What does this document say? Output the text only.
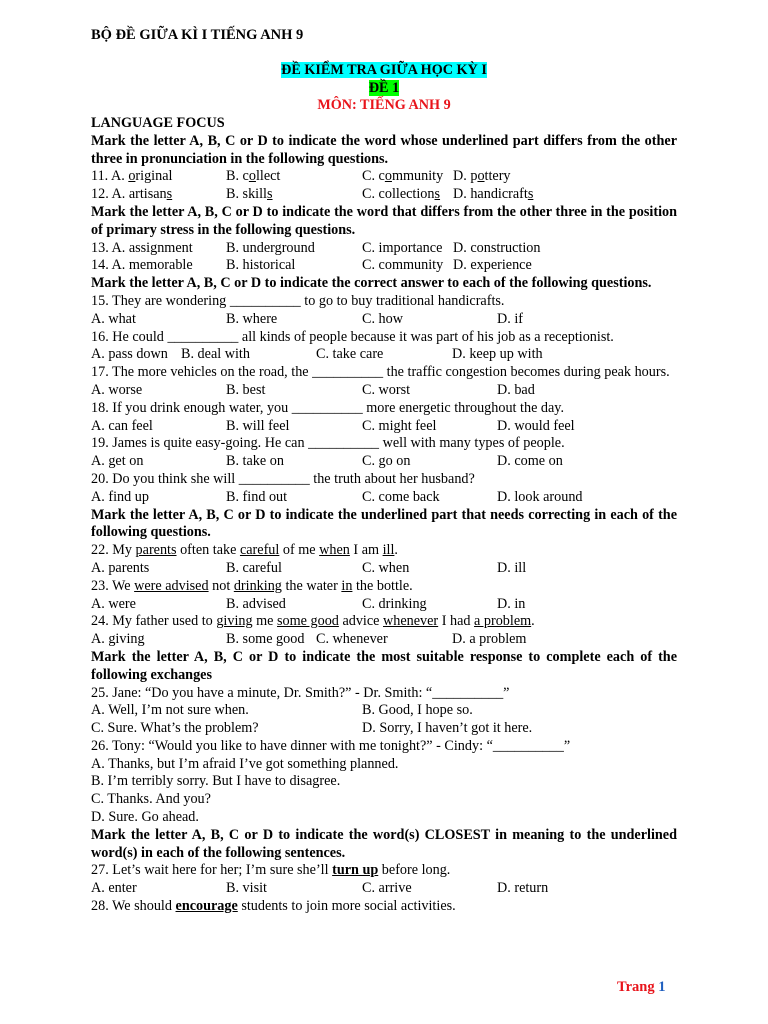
BỘ ĐỀ GIỮA KÌ I TIẾNG ANH 9
ĐỀ KIỂM TRA GIỮA HỌC KỲ I
ĐỀ 1
MÔN: TIẾNG ANH 9
LANGUAGE FOCUS
Mark the letter A, B, C or D to indicate the word whose underlined part differs from the other three in pronunciation in the following questions.
11. A. original	B. collect	C. community D. pottery
12. A. artisans	B. skills	C. collections D. handicrafts
Mark the letter A, B, C or D to indicate the word that differs from the other three in the position of primary stress in the following questions.
13. A. assignment B. underground	C. importance D. construction
14. A. memorable B. historical	C. community D. experience
Mark the letter A, B, C or D to indicate the correct answer to each of the following questions.
15. They are wondering __________ to go to buy traditional handicrafts.
A. what	B. where	C. how	D. if
16. He could __________ all kinds of people because it was part of his job as a receptionist.
A. pass down B. deal with	C. take care	D. keep up with
17. The more vehicles on the road, the __________ the traffic congestion becomes during peak hours.
A. worse	B. best	C. worst	D. bad
18. If you drink enough water, you __________ more energetic throughout the day.
A. can feel	B. will feel	C. might feel	D. would feel
19. James is quite easy-going. He can __________ well with many types of people.
A. get on	B. take on	C. go on	D. come on
20. Do you think she will __________ the truth about her husband?
A. find up	B. find out	C. come back	D. look around
Mark the letter A, B, C or D to indicate the underlined part that needs correcting in each of the following questions.
22. My parents often take careful of me when I am ill.
A. parents	B. careful	C. when	D. ill
23. We were advised not drinking the water in the bottle.
A. were	B. advised	C. drinking	D. in
24. My father used to giving me some good advice whenever I had a problem.
A. giving	B. some good C. whenever	D. a problem
Mark the letter A, B, C or D to indicate the most suitable response to complete each of the following exchanges
25. Jane: “Do you have a minute, Dr. Smith?” - Dr. Smith: “__________”
A. Well, I’m not sure when.	B. Good, I hope so.
C. Sure. What’s the problem?	D. Sorry, I haven’t got it here.
26. Tony: “Would you like to have dinner with me tonight?” - Cindy: “__________”
A. Thanks, but I’m afraid I’ve got something planned.
B. I’m terribly sorry. But I have to disagree.
C. Thanks. And you?
D. Sure. Go ahead.
Mark the letter A, B, C or D to indicate the word(s) CLOSEST in meaning to the underlined word(s) in each of the following sentences.
27. Let’s wait here for her; I’m sure she’ll turn up before long.
A. enter	B. visit	C. arrive	D. return
28. We should encourage students to join more social activities.
Trang 1
